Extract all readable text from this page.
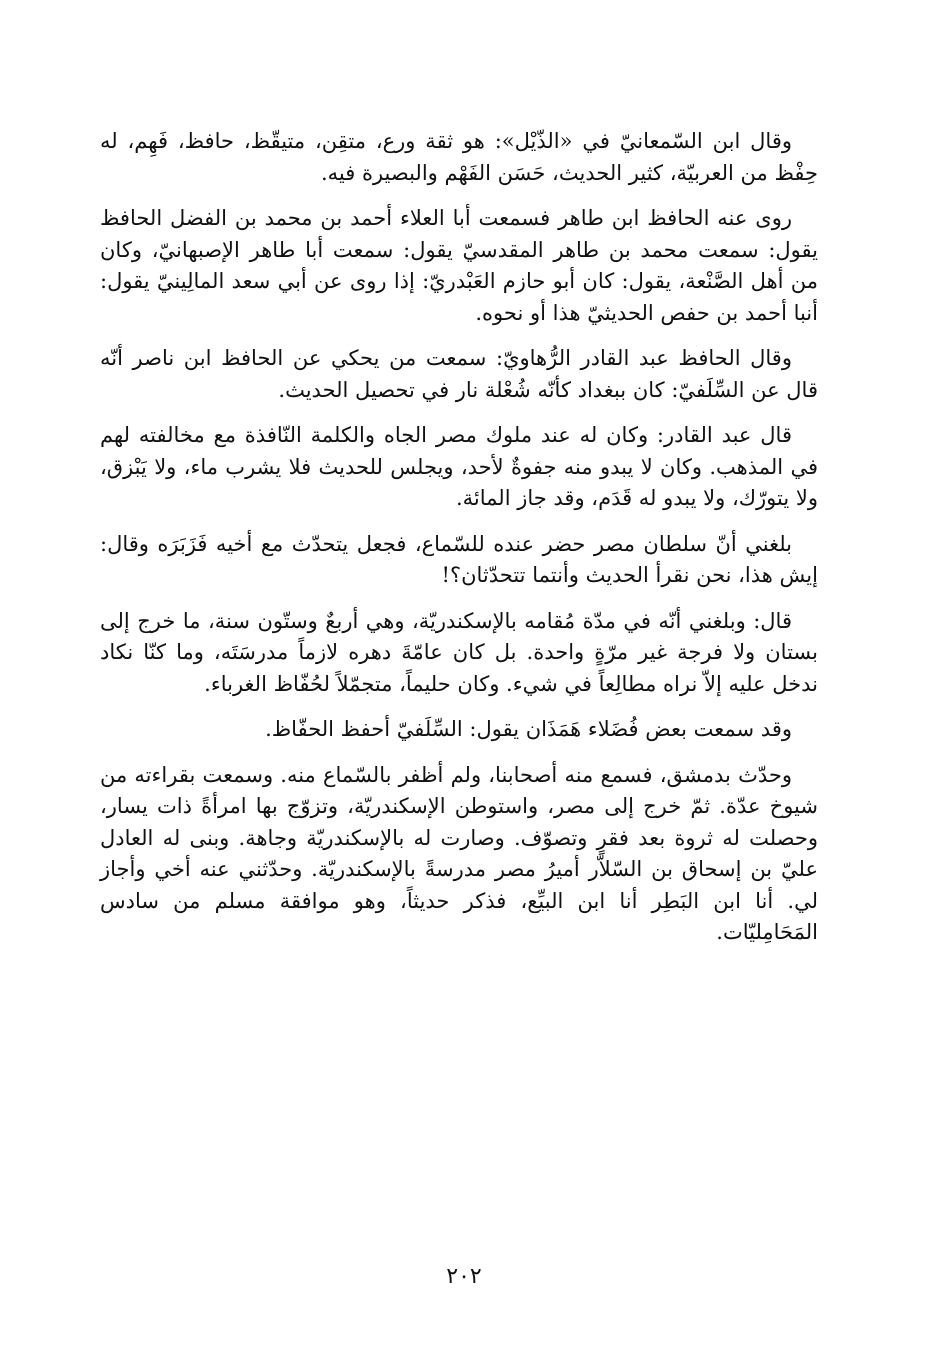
وقال ابن السّمعانيّ في «الذّيْل»: هو ثقة ورع، متقِن، متيقّظ، حافظ، فَهِم، له حِفْظ من العربيّة، كثير الحديث، حَسَن الفَهْم والبصيرة فيه.

روى عنه الحافظ ابن طاهر فسمعت أبا العلاء أحمد بن محمد بن الفضل الحافظ يقول: سمعت محمد بن طاهر المقدسيّ يقول: سمعت أبا طاهر الإصبهانيّ، وكان من أهل الصَّنْعة، يقول: كان أبو حازم العَبْدريّ: إذا روى عن أبي سعد المالِينيّ يقول: أنبا أحمد بن حفص الحديثيّ هذا أو نحوه.

وقال الحافظ عبد القادر الرُّهاويّ: سمعت من يحكي عن الحافظ ابن ناصر أنّه قال عن السِّلَفيّ: كان ببغداد كأنّه شُعْلة نار في تحصيل الحديث.

قال عبد القادر: وكان له عند ملوك مصر الجاه والكلمة النّافذة مع مخالفته لهم في المذهب. وكان لا يبدو منه جفوةٌ لأحد، ويجلس للحديث فلا يشرب ماء، ولا يَبْزق، ولا يتورّك، ولا يبدو له قَدَم، وقد جاز المائة.

بلغني أنّ سلطان مصر حضر عنده للسّماع، فجعل يتحدّث مع أخيه فَزَبَرَه وقال: إيش هذا، نحن نقرأ الحديث وأنتما تتحدّثان؟!

قال: وبلغني أنّه في مدّة مُقامه بالإسكندريّة، وهي أربعٌ وستّون سنة، ما خرج إلى بستان ولا فرجة غير مرّةٍ واحدة. بل كان عامّةَ دهره لازماً مدرسَتَه، وما كنّا نكاد ندخل عليه إلاّ نراه مطالِعاً في شيء. وكان حليماً، متجمّلاً لحُفّاظ الغرباء.

وقد سمعت بعض فُضَلاء هَمَذَان يقول: السِّلَفيّ أحفظ الحفّاظ.

وحدّث بدمشق، فسمع منه أصحابنا، ولم أظفر بالسّماع منه. وسمعت بقراءته من شيوخ عدّة. ثمّ خرج إلى مصر، واستوطن الإسكندريّة، وتزوّج بها امرأةً ذات يسار، وحصلت له ثروة بعد فقرٍ وتصوّف. وصارت له بالإسكندريّة وجاهة. وبنى له العادل عليّ بن إسحاق بن السّلاّر أميرُ مصر مدرسةً بالإسكندريّة. وحدّثني عنه أخي وأجاز لي. أنا ابن البَطِر أنا ابن البيِّع، فذكر حديثاً، وهو موافقة مسلم من سادس المَحَامِليّات.

٢٠٢
